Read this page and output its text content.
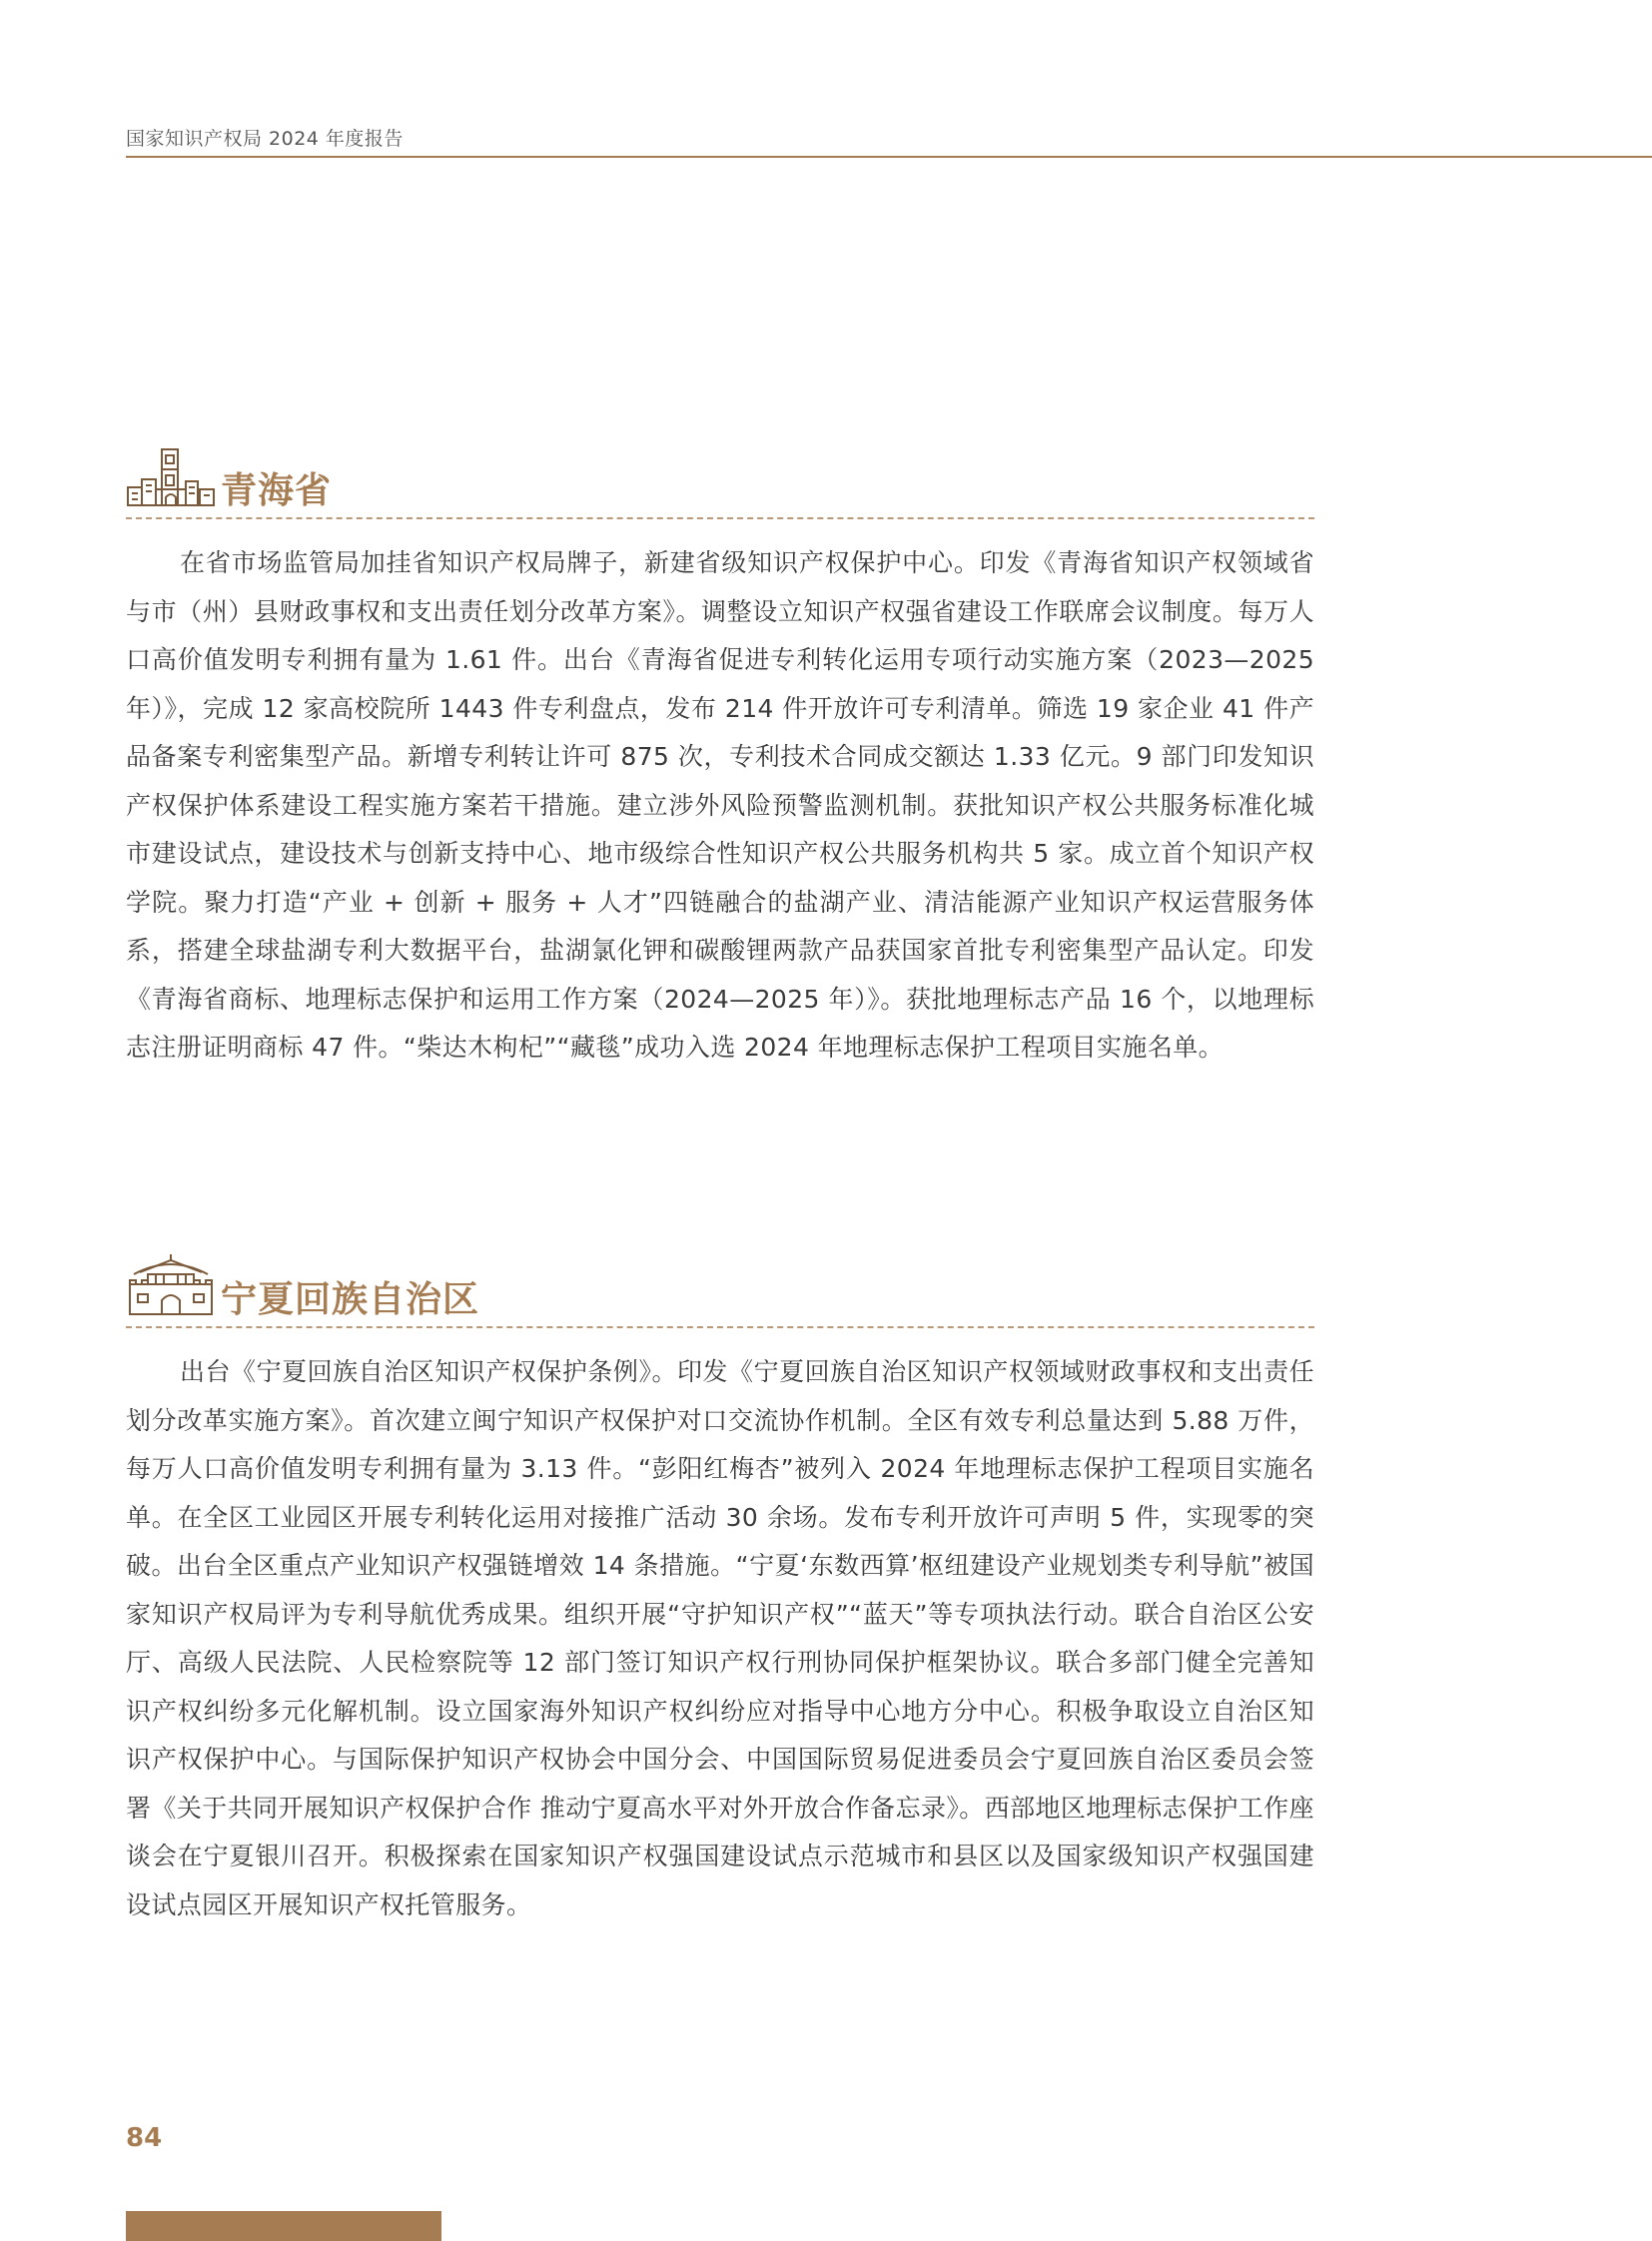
国家知识产权局 2024 年度报告
青海省

在省市场监管局加挂省知识产权局牌子，新建省级知识产权保护中心。印发《青海省知识产权领域省与市（州）县财政事权和支出责任划分改革方案》。调整设立知识产权强省建设工作联席会议制度。每万人口高价值发明专利拥有量为 1.61 件。出台《青海省促进专利转化运用专项行动实施方案（2023—2025 年）》，完成 12 家高校院所 1443 件专利盘点，发布 214 件开放许可专利清单。筛选 19 家企业 41 件产品备案专利密集型产品。新增专利转让许可 875 次，专利技术合同成交额达 1.33 亿元。9 部门印发知识产权保护体系建设工程实施方案若干措施。建立涉外风险预警监测机制。获批知识产权公共服务标准化城市建设试点，建设技术与创新支持中心、地市级综合性知识产权公共服务机构共 5 家。成立首个知识产权学院。聚力打造“产业 + 创新 + 服务 + 人才”四链融合的盐湖产业、清洁能源产业知识产权运营服务体系，搭建全球盐湖专利大数据平台，盐湖氯化钾和碳酸锂两款产品获国家首批专利密集型产品认定。印发《青海省商标、地理标志保护和运用工作方案（2024—2025 年）》。获批地理标志产品 16 个，以地理标志注册证明商标 47 件。“柴达木枸杞”“藏毯”成功入选 2024 年地理标志保护工程项目实施名单。

宁夏回族自治区

出台《宁夏回族自治区知识产权保护条例》。印发《宁夏回族自治区知识产权领域财政事权和支出责任划分改革实施方案》。首次建立闽宁知识产权保护对口交流协作机制。全区有效专利总量达到 5.88 万件，每万人口高价值发明专利拥有量为 3.13 件。“彭阳红梅杏”被列入 2024 年地理标志保护工程项目实施名单。在全区工业园区开展专利转化运用对接推广活动 30 余场。发布专利开放许可声明 5 件，实现零的突破。出台全区重点产业知识产权强链增效 14 条措施。“宁夏‘东数西算’枢纽建设产业规划类专利导航”被国家知识产权局评为专利导航优秀成果。组织开展“守护知识产权”“蓝天”等专项执法行动。联合自治区公安厅、高级人民法院、人民检察院等 12 部门签订知识产权行刑协同保护框架协议。联合多部门健全完善知识产权纠纷多元化解机制。设立国家海外知识产权纠纷应对指导中心地方分中心。积极争取设立自治区知识产权保护中心。与国际保护知识产权协会中国分会、中国国际贸易促进委员会宁夏回族自治区委员会签署《关于共同开展知识产权保护合作 推动宁夏高水平对外开放合作备忘录》。西部地区地理标志保护工作座谈会在宁夏银川召开。积极探索在国家知识产权强国建设试点示范城市和县区以及国家级知识产权强国建设试点园区开展知识产权托管服务。

84
